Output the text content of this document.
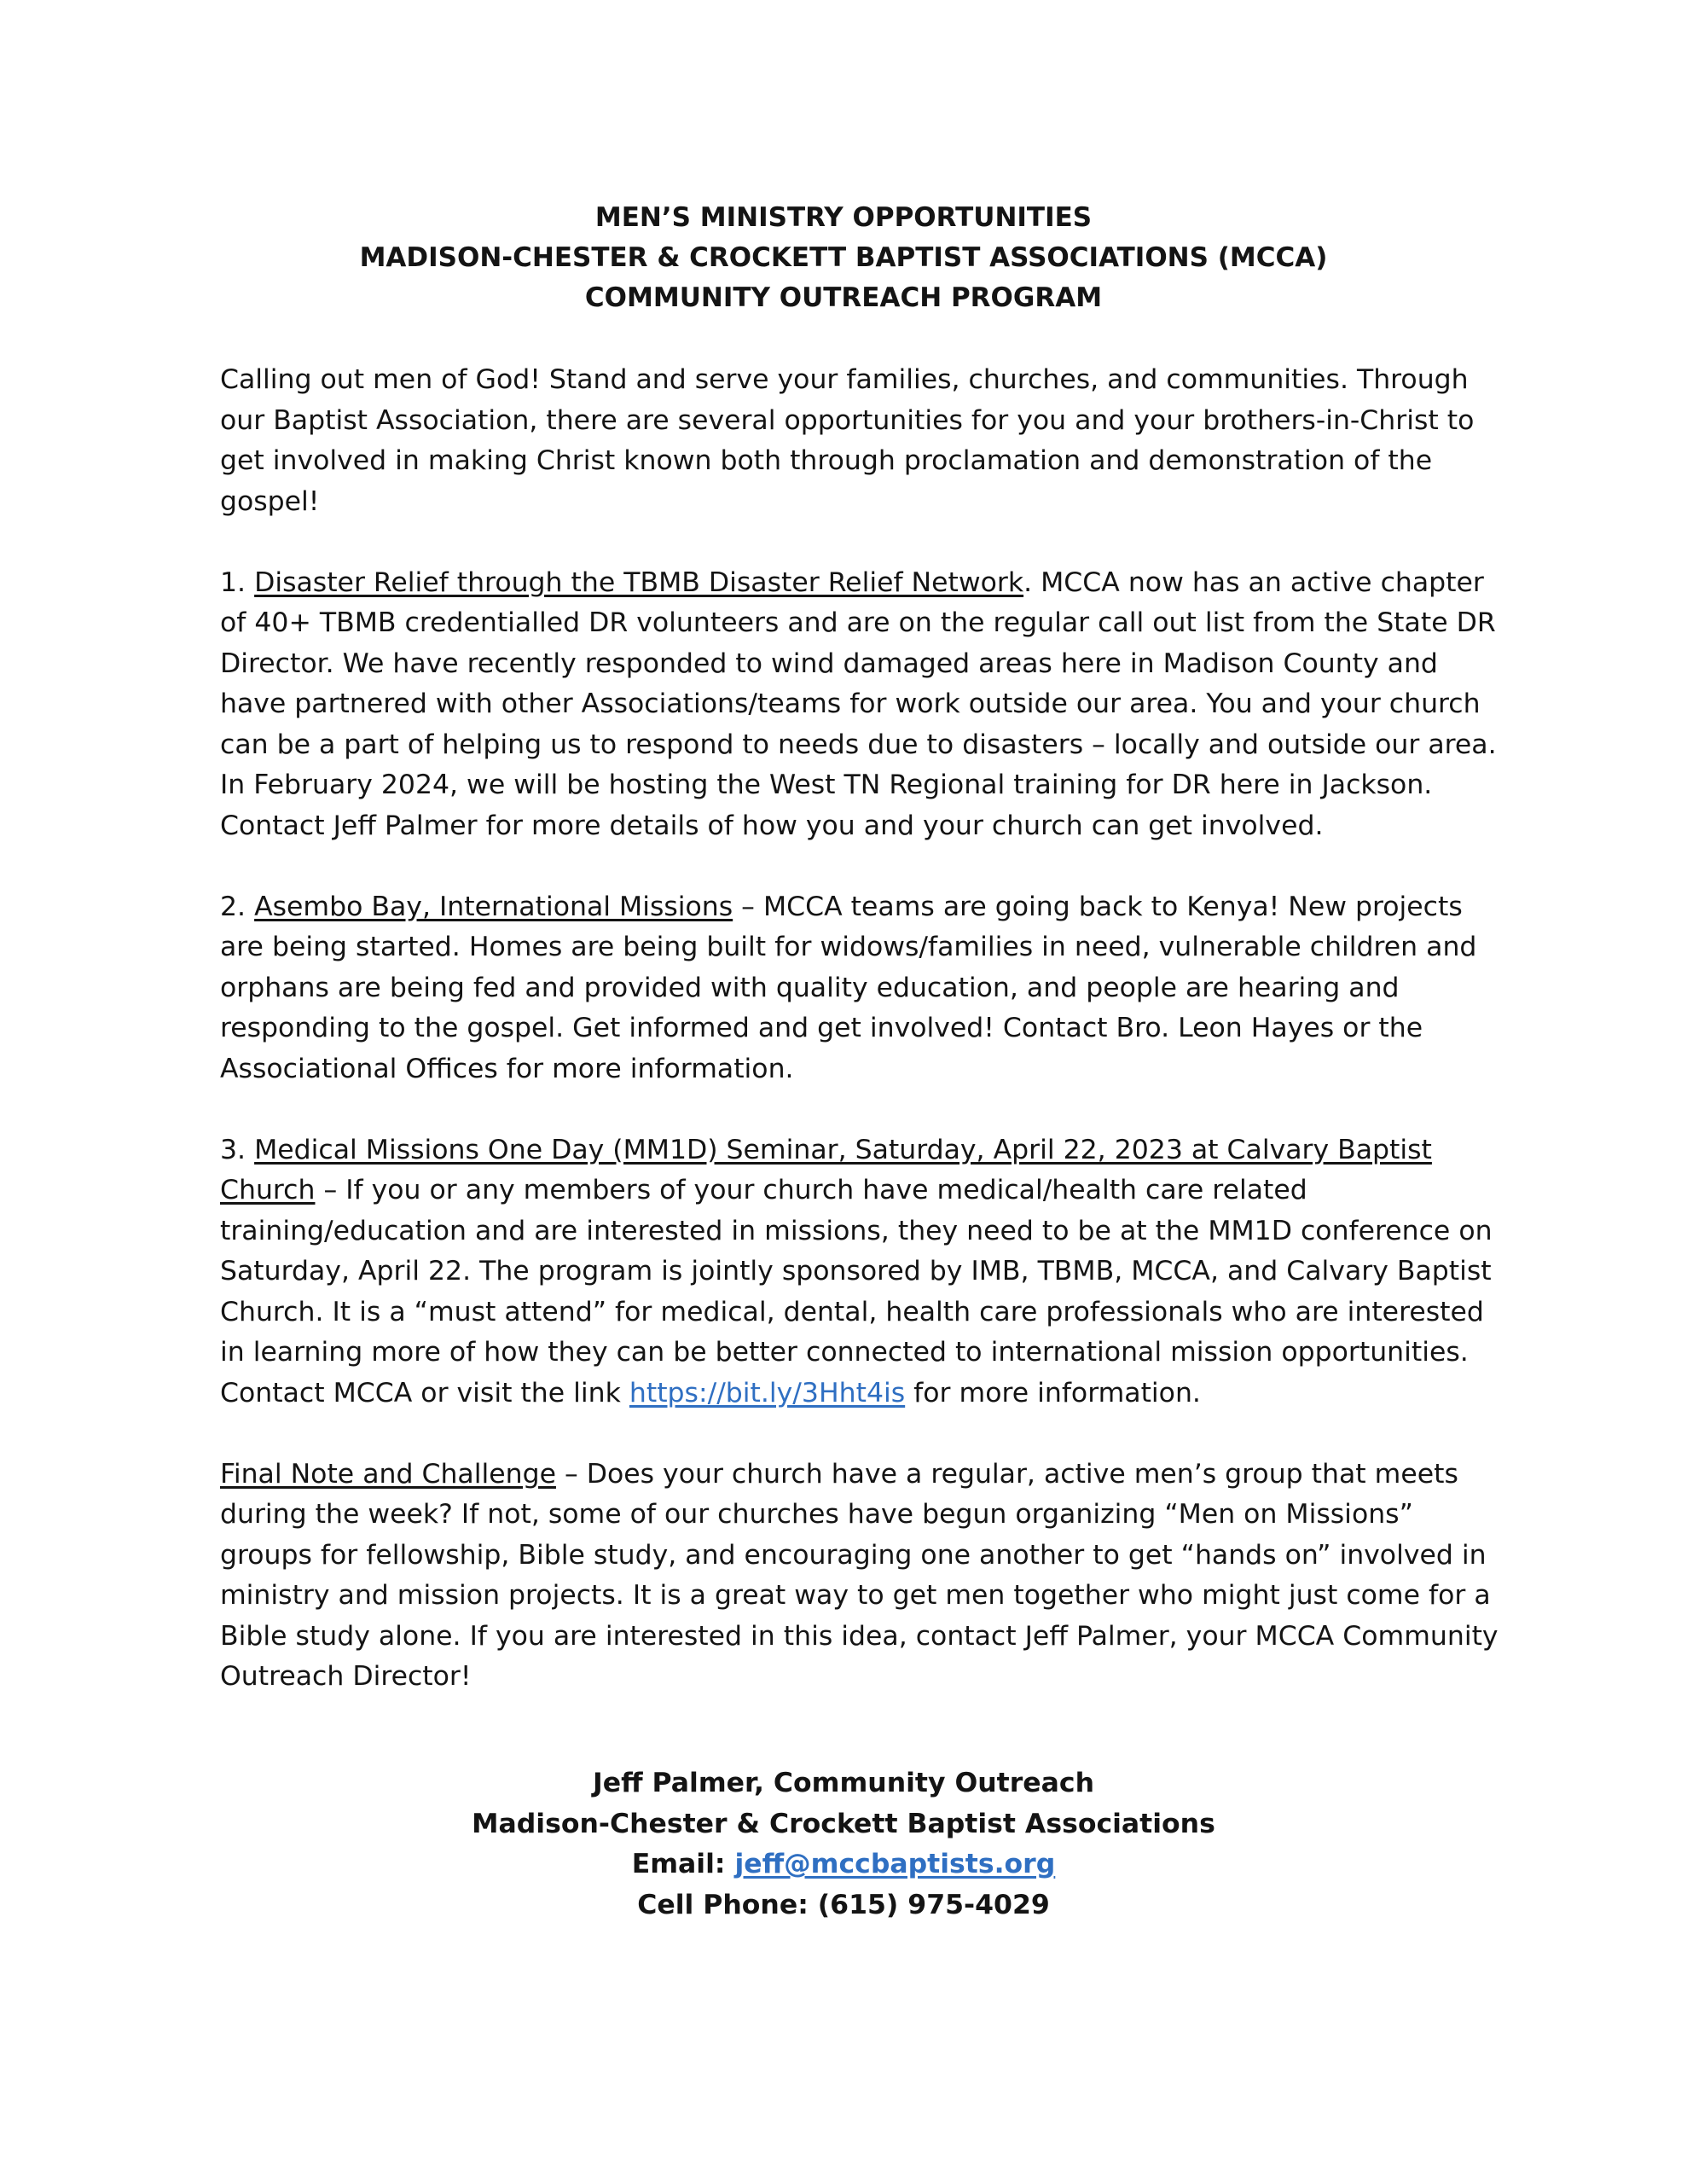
MEN’S MINISTRY OPPORTUNITIES
MADISON-CHESTER & CROCKETT BAPTIST ASSOCIATIONS (MCCA)
COMMUNITY OUTREACH PROGRAM

Calling out men of God! Stand and serve your families, churches, and communities. Through our Baptist Association, there are several opportunities for you and your brothers-in-Christ to get involved in making Christ known both through proclamation and demonstration of the gospel!

1. Disaster Relief through the TBMB Disaster Relief Network. MCCA now has an active chapter of 40+ TBMB credentialled DR volunteers and are on the regular call out list from the State DR Director. We have recently responded to wind damaged areas here in Madison County and have partnered with other Associations/teams for work outside our area. You and your church can be a part of helping us to respond to needs due to disasters – locally and outside our area. In February 2024, we will be hosting the West TN Regional training for DR here in Jackson. Contact Jeff Palmer for more details of how you and your church can get involved.

2. Asembo Bay, International Missions – MCCA teams are going back to Kenya! New projects are being started. Homes are being built for widows/families in need, vulnerable children and orphans are being fed and provided with quality education, and people are hearing and responding to the gospel. Get informed and get involved! Contact Bro. Leon Hayes or the Associational Offices for more information.

3. Medical Missions One Day (MM1D) Seminar, Saturday, April 22, 2023 at Calvary Baptist Church – If you or any members of your church have medical/health care related training/education and are interested in missions, they need to be at the MM1D conference on Saturday, April 22. The program is jointly sponsored by IMB, TBMB, MCCA, and Calvary Baptist Church. It is a “must attend” for medical, dental, health care professionals who are interested in learning more of how they can be better connected to international mission opportunities. Contact MCCA or visit the link https://bit.ly/3Hht4is for more information.

Final Note and Challenge – Does your church have a regular, active men’s group that meets during the week? If not, some of our churches have begun organizing “Men on Missions” groups for fellowship, Bible study, and encouraging one another to get “hands on” involved in ministry and mission projects. It is a great way to get men together who might just come for a Bible study alone. If you are interested in this idea, contact Jeff Palmer, your MCCA Community Outreach Director!

Jeff Palmer, Community Outreach
Madison-Chester & Crockett Baptist Associations
Email: jeff@mccbaptists.org
Cell Phone: (615) 975-4029
